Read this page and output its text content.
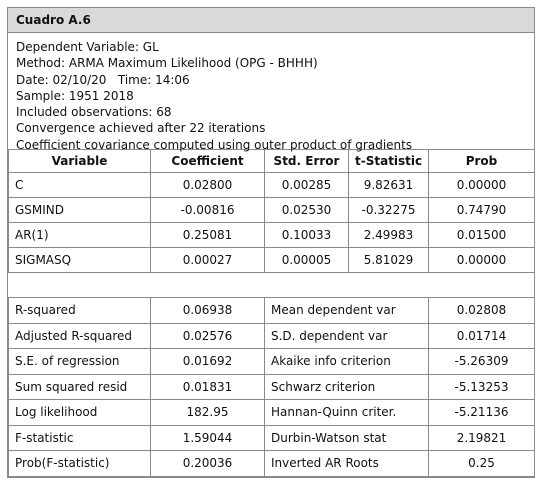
Cuadro A.6
Dependent Variable: GL
Method: ARMA Maximum Likelihood (OPG - BHHH)
Date: 02/10/20   Time: 14:06
Sample: 1951 2018
Included observations: 68
Convergence achieved after 22 iterations
Coefficient covariance computed using outer product of gradients
Variable	Coefficient	Std. Error	t-Statistic	Prob
C	0.02800	0.00285	9.82631	0.00000
GSMIND	-0.00816	0.02530	-0.32275	0.74790
AR(1)	0.25081	0.10033	2.49983	0.01500
SIGMASQ	0.00027	0.00005	5.81029	0.00000
R-squared	0.06938	Mean dependent var	0.02808
Adjusted R-squared	0.02576	S.D. dependent var	0.01714
S.E. of regression	0.01692	Akaike info criterion	-5.26309
Sum squared resid	0.01831	Schwarz criterion	-5.13253
Log likelihood	182.95	Hannan-Quinn criter.	-5.21136
F-statistic	1.59044	Durbin-Watson stat	2.19821
Prob(F-statistic)	0.20036	Inverted AR Roots	0.25
